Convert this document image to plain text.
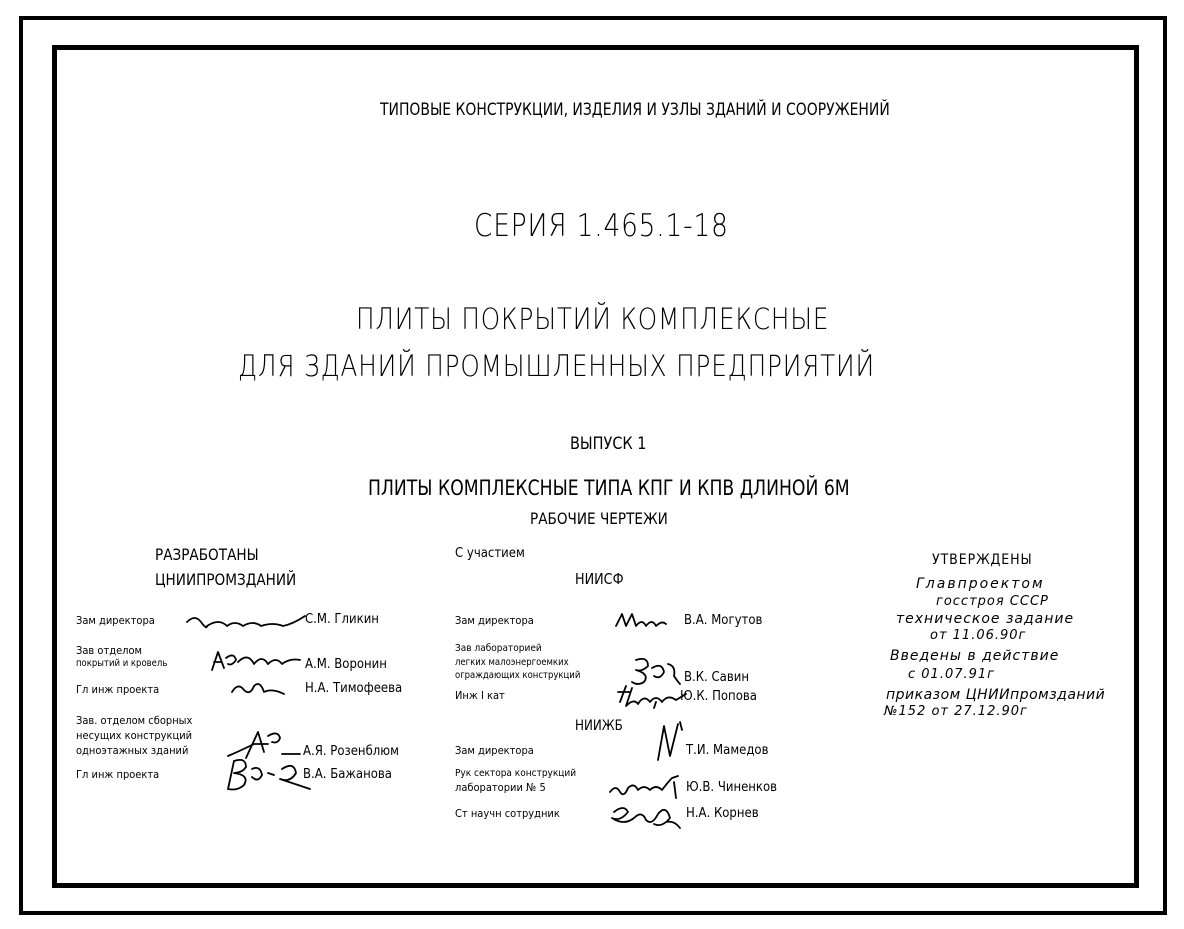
ТИПОВЫЕ КОНСТРУКЦИИ, ИЗДЕЛИЯ И УЗЛЫ ЗДАНИЙ И СООРУЖЕНИЙ
СЕРИЯ 1.465.1-18
ПЛИТЫ ПОКРЫТИЙ КОМПЛЕКСНЫЕ
ДЛЯ ЗДАНИЙ ПРОМЫШЛЕННЫХ ПРЕДПРИЯТИЙ
ВЫПУСК 1
ПЛИТЫ КОМПЛЕКСНЫЕ ТИПА КПГ И КПВ ДЛИНОЙ 6М
РАБОЧИЕ ЧЕРТЕЖИ
РАЗРАБОТАНЫ
ЦНИИПРОМЗДАНИЙ
Зам директора	С.М. Гликин
Зав отделом
покрытий и кровель	А.М. Воронин
Гл инж проекта	Н.А. Тимофеева
Зав. отделом сборных
несущих конструкций
одноэтажных зданий	А.Я. Розенблюм
Гл инж проекта	В.А. Бажанова
С участием
НИИСФ
Зам директора	В.А. Могутов
Зав лабораторией
легких малоэнергоемких
ограждающих конструкций	В.К. Савин
Инж I кат	Ю.К. Попова
НИИЖБ
Зам директора	Т.И. Мамедов
Рук сектора конструкций
лаборатории № 5	Ю.В. Чиненков
Ст научн сотрудник	Н.А. Корнев
УТВЕРЖДЕНЫ
Главпроектом
госстроя СССР
техническое задание
от 11.06.90г
Введены в действие
с 01.07.91г
приказом ЦНИИпромзданий
№152 от 27.12.90г
